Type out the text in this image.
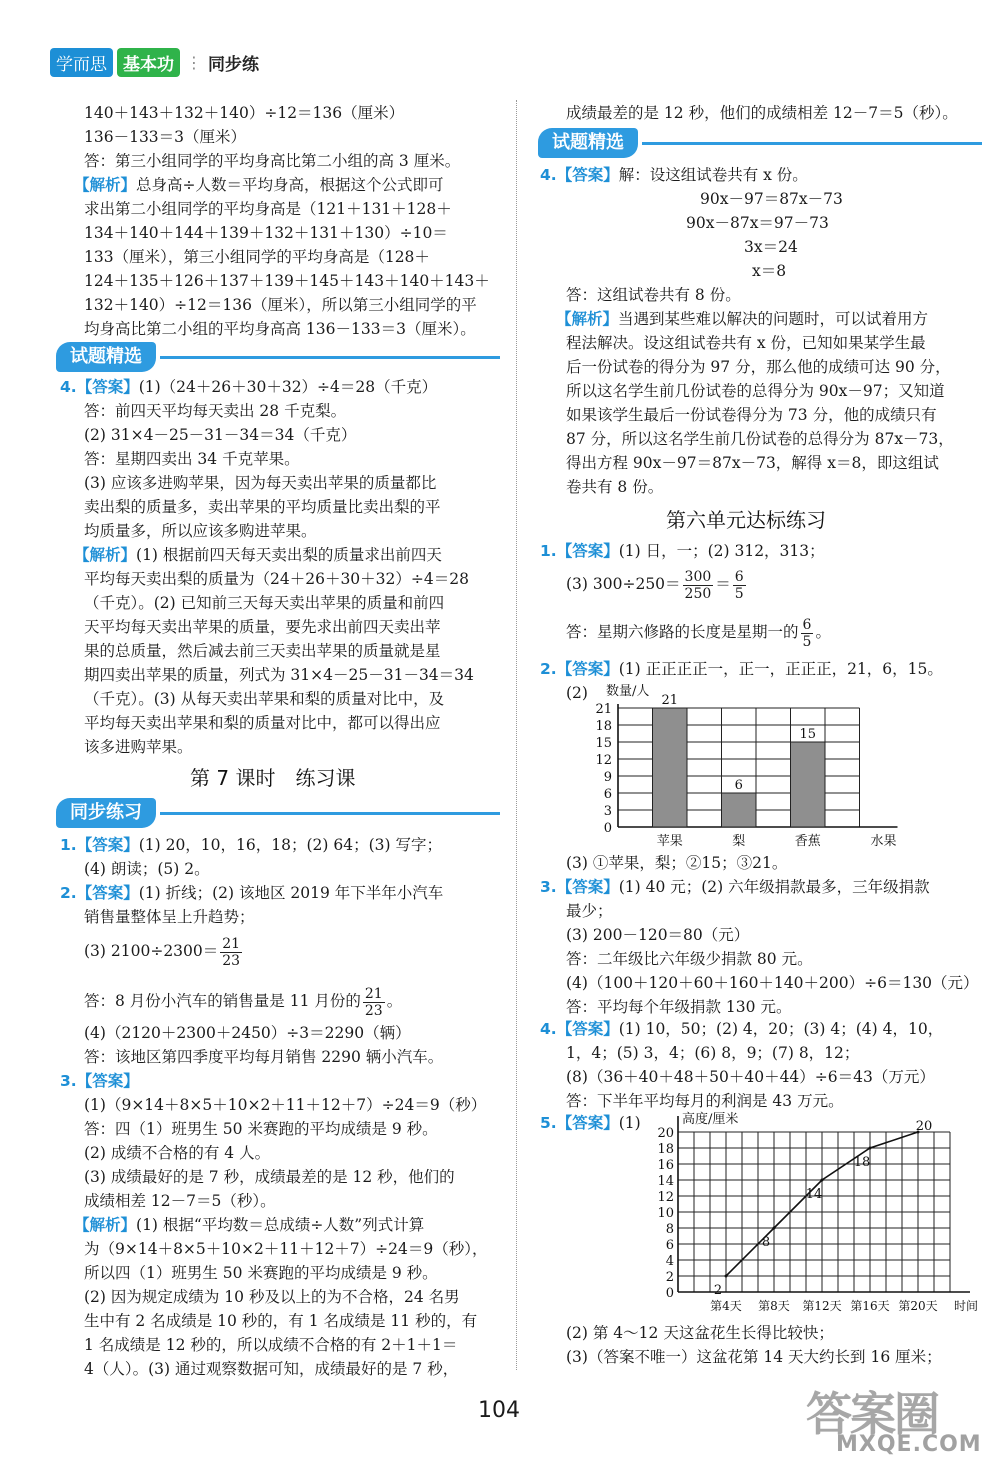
学而思 基本功 ⋮ 同步练
140＋143＋132＋140）÷12＝136（厘米）
136－133＝3（厘米）
答：第三小组同学的平均身高比第二小组的高 3 厘米。
【解析】总身高÷人数＝平均身高，根据这个公式即可
求出第二小组同学的平均身高是（121＋131＋128＋
134＋140＋144＋139＋132＋131＋130）÷10＝
133（厘米），第三小组同学的平均身高是（128＋
124＋135＋126＋137＋139＋145＋143＋140＋143＋
132＋140）÷12＝136（厘米），所以第三小组同学的平
均身高比第二小组的平均身高高 136－133＝3（厘米）。
试题精选
4.【答案】(1)（24＋26＋30＋32）÷4＝28（千克）
答：前四天平均每天卖出 28 千克梨。
(2) 31×4－25－31－34＝34（千克）
答：星期四卖出 34 千克苹果。
(3) 应该多进购苹果，因为每天卖出苹果的质量都比
卖出梨的质量多，卖出苹果的平均质量比卖出梨的平
均质量多，所以应该多购进苹果。
【解析】(1) 根据前四天每天卖出梨的质量求出前四天
平均每天卖出梨的质量为（24＋26＋30＋32）÷4＝28
（千克）。(2) 已知前三天每天卖出苹果的质量和前四
天平均每天卖出苹果的质量，要先求出前四天卖出苹
果的总质量，然后减去前三天卖出苹果的质量就是星
期四卖出苹果的质量，列式为 31×4－25－31－34＝34
（千克）。(3) 从每天卖出苹果和梨的质量对比中，及
平均每天卖出苹果和梨的质量对比中，都可以得出应
该多进购苹果。
第 7 课时　练习课
同步练习
1.【答案】(1) 20，10，16，18；(2) 64；(3) 写字；
(4) 朗读；(5) 2。
2.【答案】(1) 折线；(2) 该地区 2019 年下半年小汽车
销售量整体呈上升趋势；
(3) $2100\div 2300= \frac{21}{23}$
答：8 月份小汽车的销售量是 11 月份的 $\frac{21}{23}$ 。
(4)（2120＋2300＋2450）÷3＝2290（辆）
答：该地区第四季度平均每月销售 2290 辆小汽车。
3.【答案】
(1)（9×14＋8×5＋10×2＋11＋12＋7）÷24＝9（秒）
答：四（1）班男生 50 米赛跑的平均成绩是 9 秒。
(2) 成绩不合格的有 4 人。
(3) 成绩最好的是 7 秒，成绩最差的是 12 秒，他们的
成绩相差 12－7＝5（秒）。
【解析】(1) 根据“平均数＝总成绩÷人数”列式计算
为（9×14＋8×5＋10×2＋11＋12＋7）÷24＝9（秒），
所以四（1）班男生 50 米赛跑的平均成绩是 9 秒。
(2) 因为规定成绩为 10 秒及以上的为不合格，24 名男
生中有 2 名成绩是 10 秒的，有 1 名成绩是 11 秒的，有
1 名成绩是 12 秒的，所以成绩不合格的有 2＋1＋1＝
4（人）。(3) 通过观察数据可知，成绩最好的是 7 秒，
成绩最差的是 12 秒，他们的成绩相差 12－7＝5（秒）。
试题精选
4.【答案】解：设这组试卷共有 x 份。
90x－97＝87x－73
90x－87x＝97－73
3x＝24
x＝8
答：这组试卷共有 8 份。
【解析】当遇到某些难以解决的问题时，可以试着用方
程法解决。设这组试卷共有 x 份，已知如果某学生最
后一份试卷的得分为 97 分，那么他的成绩可达 90 分，
所以这名学生前几份试卷的总得分为 90x－97；又知道
如果该学生最后一份试卷得分为 73 分，他的成绩只有
87 分，所以这名学生前几份试卷的总得分为 87x－73，
得出方程 90x－97＝87x－73，解得 x＝8，即这组试
卷共有 8 份。
第六单元达标练习
1.【答案】(1) 日，一；(2) 312，313；
(3) $300\div 250= \frac{300}{250} = \frac{6}{5}$
答：星期六修路的长度是星期一的 $\frac{6}{5}$ 。
2.【答案】(1) 正正正正一，正一，正正正，21，6，15。
(2) 数量/人
0
3
6
9
12
15
18
21
21
苹果
6
梨
15
香蕉	水果
(3) ①苹果，梨；②15；③21。
3.【答案】(1) 40 元；(2) 六年级捐款最多，三年级捐款
最少；
(3) 200－120＝80（元）
答：二年级比六年级少捐款 80 元。
(4)（100＋120＋60＋160＋140＋200）÷6＝130（元）
答：平均每个年级捐款 130 元。
4.【答案】(1) 10，50；(2) 4，20；(3) 4；(4) 4，10，
1，4；(5) 3，4；(6) 8，9；(7) 8，12；
(8)（36＋40＋48＋50＋40＋44）÷6＝43（万元）
答：下半年平均每月的利润是 43 万元。
5.【答案】(1)	高度/厘米
0
2
4
6
8
10
12
14
16
18
20
2
第4天
8
第8天
14
第12天
18
第16天
20
第20天 时间
(2) 第 4～12 天这盆花生长得比较快；
(3)（答案不唯一）这盆花第 14 天大约长到 16 厘米；
104	答案圈
MXQE.COM
